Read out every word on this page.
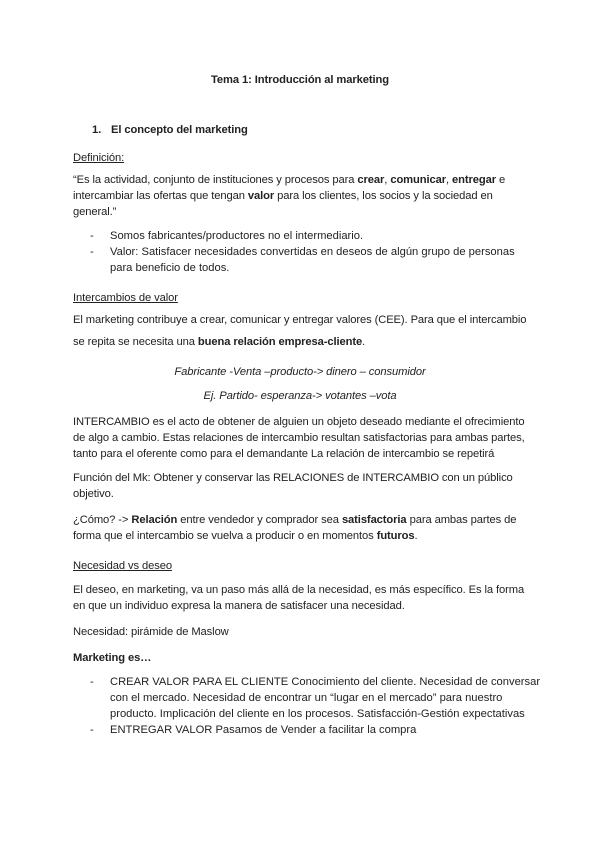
Tema 1: Introducción al marketing
1. El concepto del marketing
Definición:
“Es la actividad, conjunto de instituciones y procesos para crear, comunicar, entregar e
intercambiar las ofertas que tengan valor para los clientes, los socios y la sociedad en
general.”
- Somos fabricantes/productores no el intermediario.
- Valor: Satisfacer necesidades convertidas en deseos de algún grupo de personas
para beneficio de todos.
Intercambios de valor
El marketing contribuye a crear, comunicar y entregar valores (CEE). Para que el intercambio
se repita se necesita una buena relación empresa-cliente.
Fabricante -Venta –producto-> dinero – consumidor
Ej. Partido- esperanza-> votantes –vota
INTERCAMBIO es el acto de obtener de alguien un objeto deseado mediante el ofrecimiento
de algo a cambio. Estas relaciones de intercambio resultan satisfactorias para ambas partes,
tanto para el oferente como para el demandante La relación de intercambio se repetirá
Función del Mk: Obtener y conservar las RELACIONES de INTERCAMBIO con un público
objetivo.
¿Cómo? -> Relación entre vendedor y comprador sea satisfactoria para ambas partes de
forma que el intercambio se vuelva a producir o en momentos futuros.
Necesidad vs deseo
El deseo, en marketing, va un paso más allá de la necesidad, es más específico. Es la forma
en que un individuo expresa la manera de satisfacer una necesidad.
Necesidad: pirámide de Maslow
Marketing es…
- CREAR VALOR PARA EL CLIENTE Conocimiento del cliente. Necesidad de conversar
con el mercado. Necesidad de encontrar un “lugar en el mercado” para nuestro
producto. Implicación del cliente en los procesos. Satisfacción-Gestión expectativas
- ENTREGAR VALOR Pasamos de Vender a facilitar la compra
